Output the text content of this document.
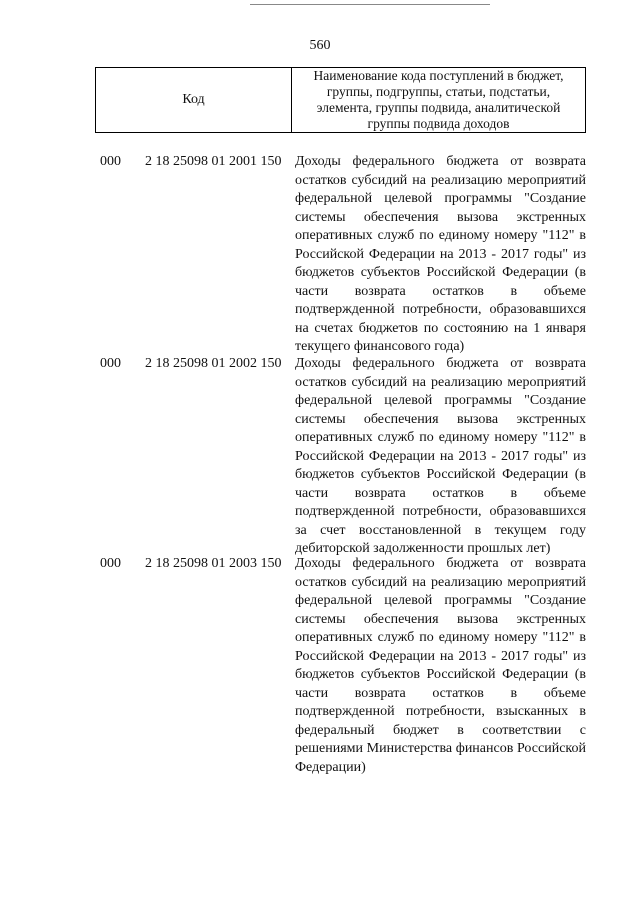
560
Код
Наименование кода поступлений в бюджет, группы, подгруппы, статьи, подстатьи, элемента, группы подвида, аналитической группы подвида доходов
000	2 18 25098 01 2001 150 Доходы федерального бюджета от возврата остатков субсидий на реализацию мероприятий федеральной целевой программы "Создание системы обеспечения вызова экстренных оперативных служб по единому номеру "112" в Российской Федерации на 2013 - 2017 годы" из бюджетов субъектов Российской Федерации (в части возврата остатков в объеме подтвержденной потребности, образовавшихся на счетах бюджетов по состоянию на 1 января текущего финансового года)
000	2 18 25098 01 2002 150 Доходы федерального бюджета от возврата остатков субсидий на реализацию мероприятий федеральной целевой программы "Создание системы обеспечения вызова экстренных оперативных служб по единому номеру "112" в Российской Федерации на 2013 - 2017 годы" из бюджетов субъектов Российской Федерации (в части возврата остатков в объеме подтвержденной потребности, образовавшихся за счет восстановленной в текущем году дебиторской задолженности прошлых лет)
000	2 18 25098 01 2003 150 Доходы федерального бюджета от возврата остатков субсидий на реализацию мероприятий федеральной целевой программы "Создание системы обеспечения вызова экстренных оперативных служб по единому номеру "112" в Российской Федерации на 2013 - 2017 годы" из бюджетов субъектов Российской Федерации (в части возврата остатков в объеме подтвержденной потребности, взысканных в федеральный бюджет в соответствии с решениями Министерства финансов Российской Федерации)
